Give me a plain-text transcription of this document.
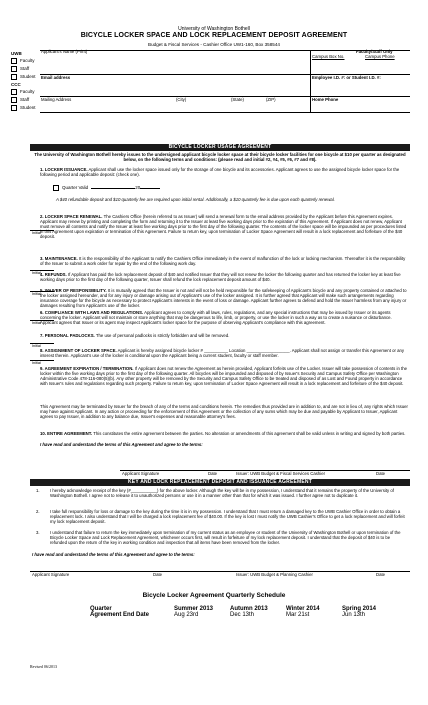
University of Washington Bothell
BICYCLE LOCKER SPACE AND LOCK REPLACEMENT DEPOSIT AGREEMENT
Budget & Fiscal Services - Cashier Office UW1-160, Box 358544
UWB
Faculty
Staff
Student
CCC
Faculty
Staff
Student
Applicant's Name (Print)	Faculty/Staff Only
Campus Box No.	Campus Phone
Email address	Employee I.D. #: or Student I.D. #:
Mailing Address	(City)	(State)	(ZIP)	Home Phone
BICYCLE LOCKER USAGE AGREEMENT
The University of Washington Bothell hereby issues to the undersigned applicant bicycle locker space at their bicycle locker facilities for one bicycle at $10 per quarter as designated below, on the following terms and conditions: (please read and initial #2, #4, #5, #6, #7 and #8).
1. LOCKER ISSUANCE. Applicant shall use the locker space issued only for the storage of one bicycle and its accessories. Applicant agrees to use the assigned bicycle locker space for the following period and applicable deposit: (check one).
Quarter Valid	20
A $40 refundable deposit and $10 quarterly fee are required upon initial rental. Additionally, a $10 quarterly fee is due upon each quarterly renewal.
2. LOCKER SPACE RENEWAL. The Cashiers Office (herein referred to as Issuer) will send a renewal form to the email address provided by the Applicant before this Agreement expires. Applicant may renew by printing and completing the form and returning it to the Issuer at least five working days prior to the expiration of this Agreement. If Applicant does not renew, Applicant must remove all contents and notify the Issuer at least five working days prior to the first day of the following quarter. The contents of the locker space will be impounded as per procedures listed in this Agreement upon expiration or termination of this Agreement. Failure to return key, upon termination of Locker Space Agreement will result in a lock replacement and forfeiture of the $40 deposit.
Initial
3. MAINTENANCE. It is the responsibility of the Applicant to notify the Cashiers Office immediately in the event of malfunction of the lock or locking mechanism. Thereafter it is the responsibility of the Issuer to submit a work order for repair by the end of the following work day.
4. REFUNDS. If Applicant has paid the lock replacement deposit of $40 and notified Issuer that they will not renew the locker the following quarter and has returned the locker key at least five working days prior to the first day of the following quarter, Issuer shall refund the lock replacement deposit amount of $40.
Initial
5. WAIVER OF RESPONSIBILITY. It is mutually agreed that the Issuer is not and will not be held responsible for the safekeeping of Applicant's bicycle and any property contained or attached to the locker assigned hereunder, and for any injury or damage arising out of Applicant's use of the locker assigned. It is further agreed that Applicant will make such arrangements regarding insurance coverage for the bicycle as necessary to protect Applicant's interests in the event of loss or damage. Applicant further agrees to defend and hold the Issuer harmless from any injury or damages resulting from Applicant's use of the locker.
Initial
6. COMPLIANCE WITH LAWS AND REGULATIONS. Applicant agrees to comply with all laws, rules, regulations, and any special instructions that may be issued by Issuer or its agents concerning the locker. Applicant will not maintain or store anything that may be dangerous to life, limb, or property, or use the locker in such a way as to create a nuisance or disturbance. Applicant agrees that Issuer or its agent may inspect Applicant's locker space for the purpose of observing Applicant's compliance with this agreement.
Initial
7. PERSONAL PADLOCKS. The use of personal padlocks is strictly forbidden and will be removed.
Initial
8. ASSIGNMENT OF LOCKER SPACE. Applicant is hereby assigned bicycle locker # __________ Location __________________. Applicant shall not assign or transfer this Agreement or any interest therein. Applicant's use of the locker is conditional upon the Applicant being a current student, faculty or staff member.
Initial
9. AGREEMENT EXPIRATION / TERMINATION. If Applicant does not renew the Agreement as herein provided, Applicant forfeits use of the Locker. Issuer will take possession of contents in the locker within the five working days prior to the first day of the following quarter. All bicycles will be impounded and disposed of by Issuer's Security and Campus Safety Office per Washington Administrative Code 478-116-080(5)(b). Any other property will be removed by the Security and Campus Safety Office to be treated and disposed of as Lost and Found property in accordance with Issuer's rules and regulations regarding such property. Failure to return key, upon termination of Locker Space Agreement will result in a lock replacement and forfeiture of the $40 deposit.
This Agreement may be terminated by Issuer for the breach of any of the terms and conditions herein. The remedies thus provided are in addition to, and are not in lieu of, any rights which Issuer may have against Applicant. In any action or proceeding for the enforcement of this Agreement or the collection of any sums which may be due and payable by Applicant to Issuer, Applicant agrees to pay Issuer, in addition to any balance due, Issuer's expenses and reasonable attorney's fees.
10. ENTIRE AGREEMENT. This constitutes the entire agreement between the parties. No alteration or amendments of this agreement shall be valid unless in writing and signed by both parties.
I have read and understand the terms of this Agreement and agree to the terms:
Applicant Signature	Date	Issuer: UWB Budget & Fiscal Services Cashier	Date
KEY AND LOCK REPLACEMENT DEPOSIT AND ISSUANCE AGREEMENT
1. I hereby acknowledge receipt of the key (#___________) for the above locker. Although the key will be in my possession, I understand that it remains the property of the University of Washington Bothell. I agree not to release it to unauthorized persons or use it in a manner other than that for which it was issued. I further agree not to duplicate it.
2. I take full responsibility for loss or damage to the key during the time it is in my possession. I understand that I must return a damaged key to the UWB Cashier Office in order to obtain a replacement lock. I also understand that I will be charged a lock replacement fee of $40.00. If the key is lost I must notify the UWB Cashier's Office to get a lock replacement and will forfeit my lock replacement deposit.
3. I understand that failure to return the key immediately upon termination of my current status as an employee or student of the University of Washington Bothell or upon termination of the Bicycle Locker Space and Lock Replacement Agreement, whichever occurs first, will result in forfeiture of my lock replacement deposit. I understand that the deposit of $40 is to be refunded upon the return of the key in working condition and inspection that all items have been removed from the locker.
I have read and understand the terms of this Agreement and agree to the terms:
Applicant Signature	Date	Issuer: UWB Budget & Planning Cashier	Date
Bicycle Locker Agreement Quarterly Schedule
Quarter	Summer 2013	Autumn 2013	Winter 2014	Spring 2014
Agreement End Date	Aug 23rd	Dec 13th	Mar 21st	Jun 13th
Revised 06/2013
